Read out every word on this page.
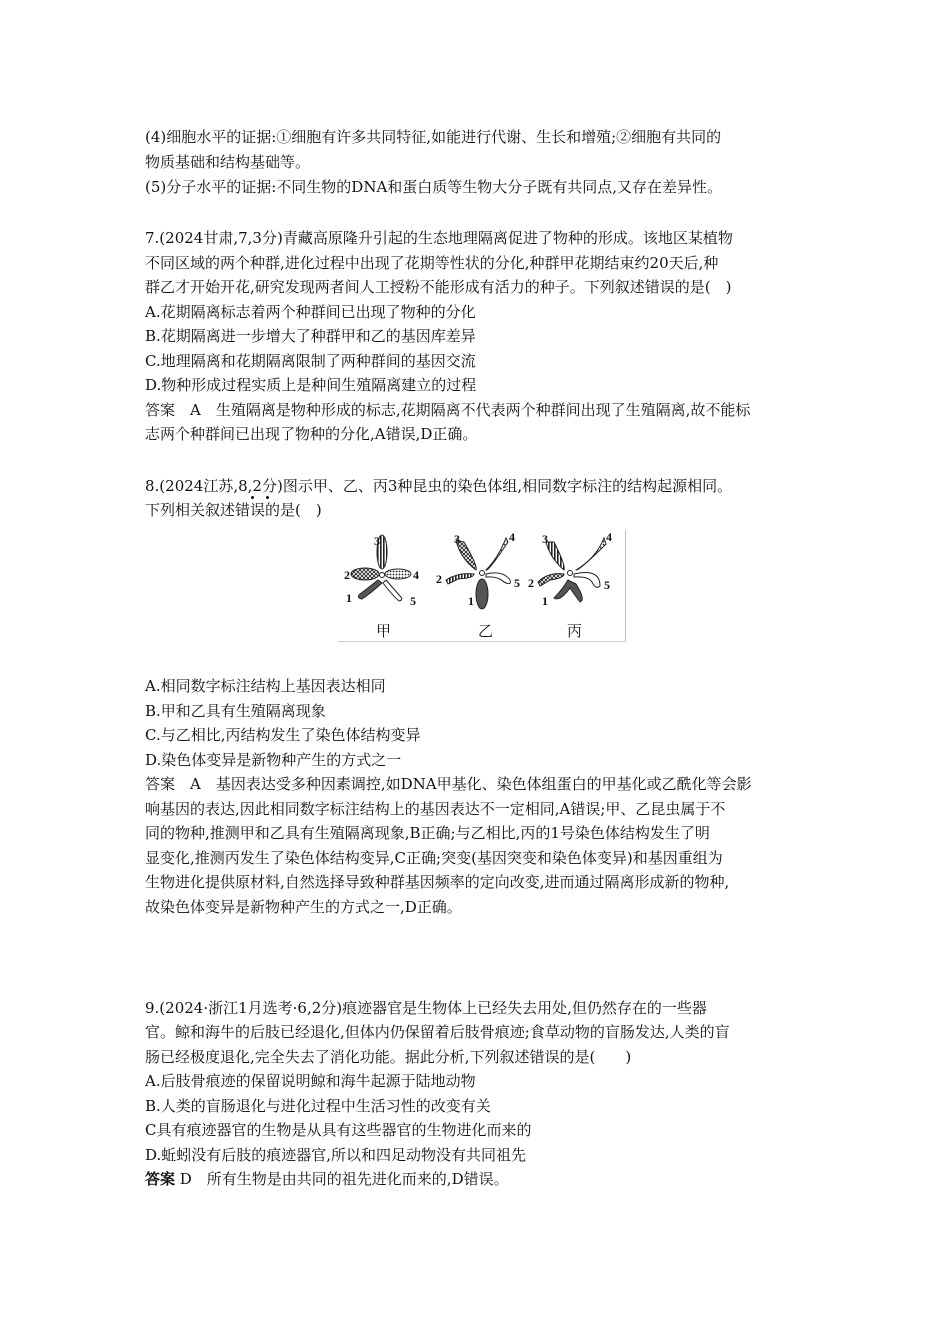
(4)细胞水平的证据:①细胞有许多共同特征,如能进行代谢、生长和增殖;②细胞有共同的
物质基础和结构基础等。
(5)分子水平的证据:不同生物的DNA和蛋白质等生物大分子既有共同点,又存在差异性。
7.(2024甘肃,7,3分)青藏高原隆升引起的生态地理隔离促进了物种的形成。该地区某植物
不同区域的两个种群,进化过程中出现了花期等性状的分化,种群甲花期结束约20天后,种
群乙才开始开花,研究发现两者间人工授粉不能形成有活力的种子。下列叙述错误的是(　)
A.花期隔离标志着两个种群间已出现了物种的分化
B.花期隔离进一步增大了种群甲和乙的基因库差异
C.地理隔离和花期隔离限制了两种群间的基因交流
D.物种形成过程实质上是种间生殖隔离建立的过程
答案　A　生殖隔离是物种形成的标志,花期隔离不代表两个种群间出现了生殖隔离,故不能标
志两个种群间已出现了物种的分化,A错误,D正确。
8.(2024江苏,8,2分)图示甲、乙、丙3种昆虫的染色体组,相同数字标注的结构起源相同。
下列相关叙述错误的是(　)
3
2	4
1	5
3	4
2	5
1
3	4
2	5
1
甲	乙	丙
A.相同数字标注结构上基因表达相同
B.甲和乙具有生殖隔离现象
C.与乙相比,丙结构发生了染色体结构变异
D.染色体变异是新物种产生的方式之一
答案　A　基因表达受多种因素调控,如DNA甲基化、染色体组蛋白的甲基化或乙酰化等会影
响基因的表达,因此相同数字标注结构上的基因表达不一定相同,A错误;甲、乙昆虫属于不
同的物种,推测甲和乙具有生殖隔离现象,B正确;与乙相比,丙的1号染色体结构发生了明
显变化,推测丙发生了染色体结构变异,C正确;突变(基因突变和染色体变异)和基因重组为
生物进化提供原材料,自然选择导致种群基因频率的定向改变,进而通过隔离形成新的物种,
故染色体变异是新物种产生的方式之一,D正确。
9.(2024·浙江1月选考·6,2分)痕迹器官是生物体上已经失去用处,但仍然存在的一些器
官。鲸和海牛的后肢已经退化,但体内仍保留着后肢骨痕迹;食草动物的盲肠发达,人类的盲
肠已经极度退化,完全失去了消化功能。据此分析,下列叙述错误的是(　　)
A.后肢骨痕迹的保留说明鲸和海牛起源于陆地动物
B.人类的盲肠退化与进化过程中生活习性的改变有关
C具有痕迹器官的生物是从具有这些器官的生物进化而来的
D.蚯蚓没有后肢的痕迹器官,所以和四足动物没有共同祖先
答案 D　所有生物是由共同的祖先进化而来的,D错误。
